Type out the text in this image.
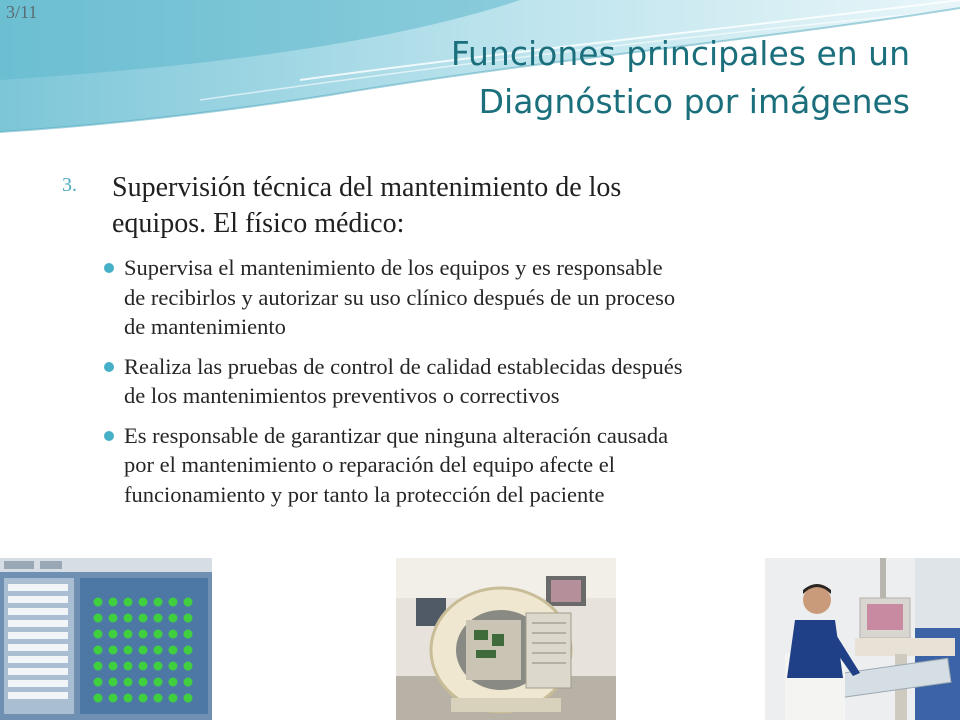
3/11
Funciones principales en un
Diagnóstico por imágenes
3. Supervisión técnica del mantenimiento de los
equipos. El físico médico:
Supervisa el mantenimiento de los equipos y es responsable
de recibirlos y autorizar su uso clínico después de un proceso
de mantenimiento
Realiza las pruebas de control de calidad establecidas después
de los mantenimientos preventivos o correctivos
Es responsable de garantizar que ninguna alteración causada
por el mantenimiento o reparación del equipo afecte el
funcionamiento y por tanto la protección del paciente
